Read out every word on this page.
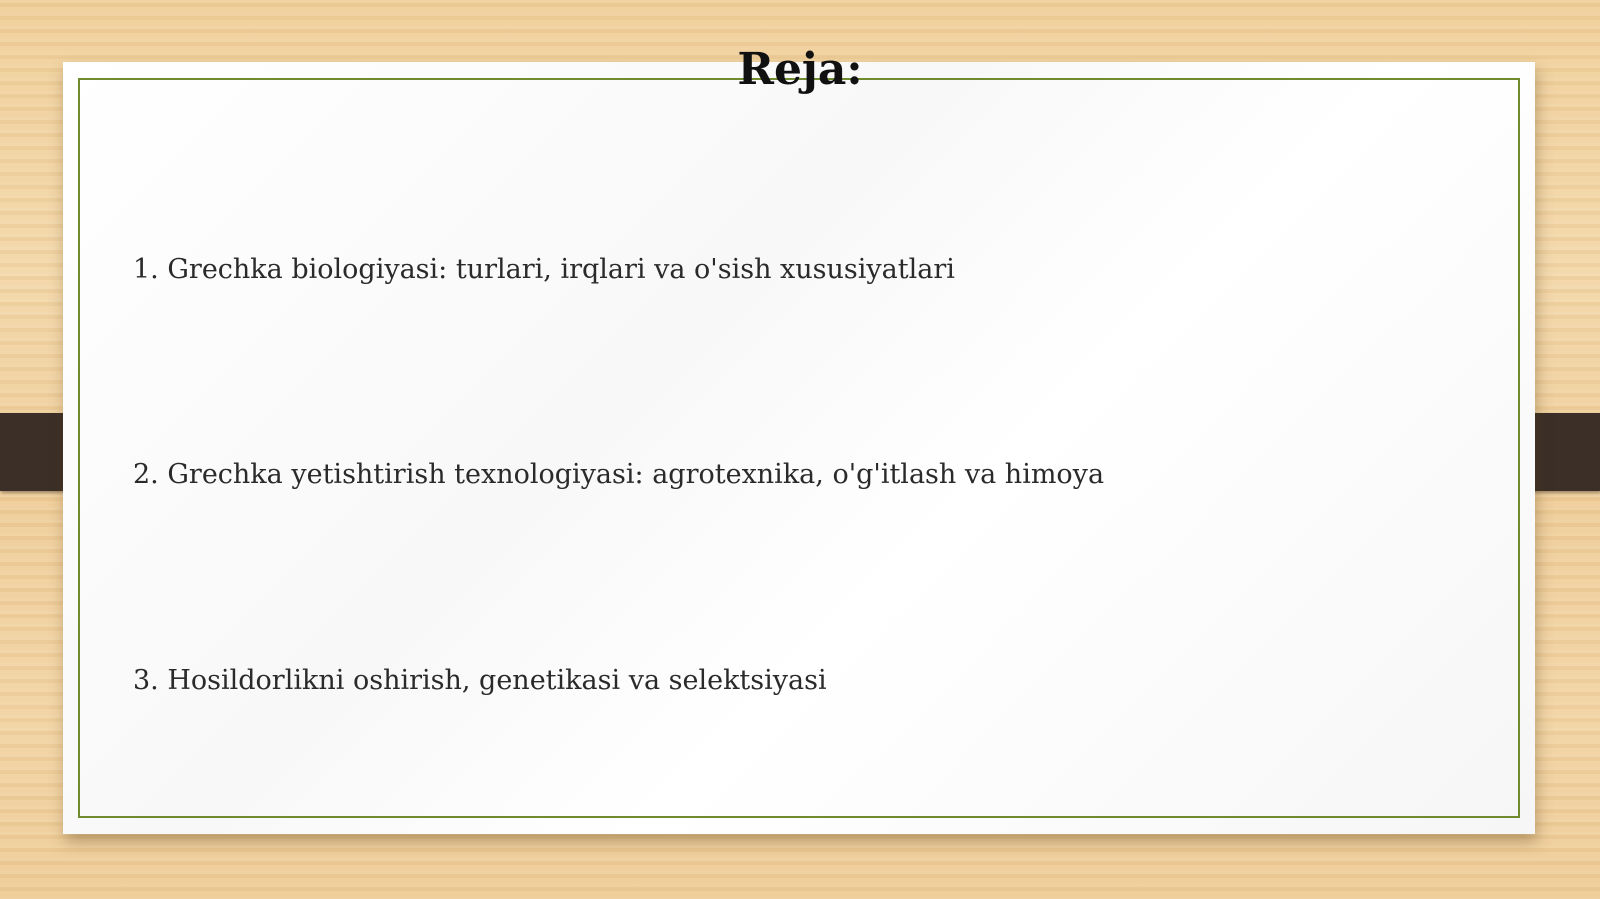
Reja:
1. Grechka biologiyasi: turlari, irqlari va o'sish xususiyatlari
2. Grechka yetishtirish texnologiyasi: agrotexnika, o'g'itlash va himoya
3. Hosildorlikni oshirish, genetikasi va selektsiyasi
